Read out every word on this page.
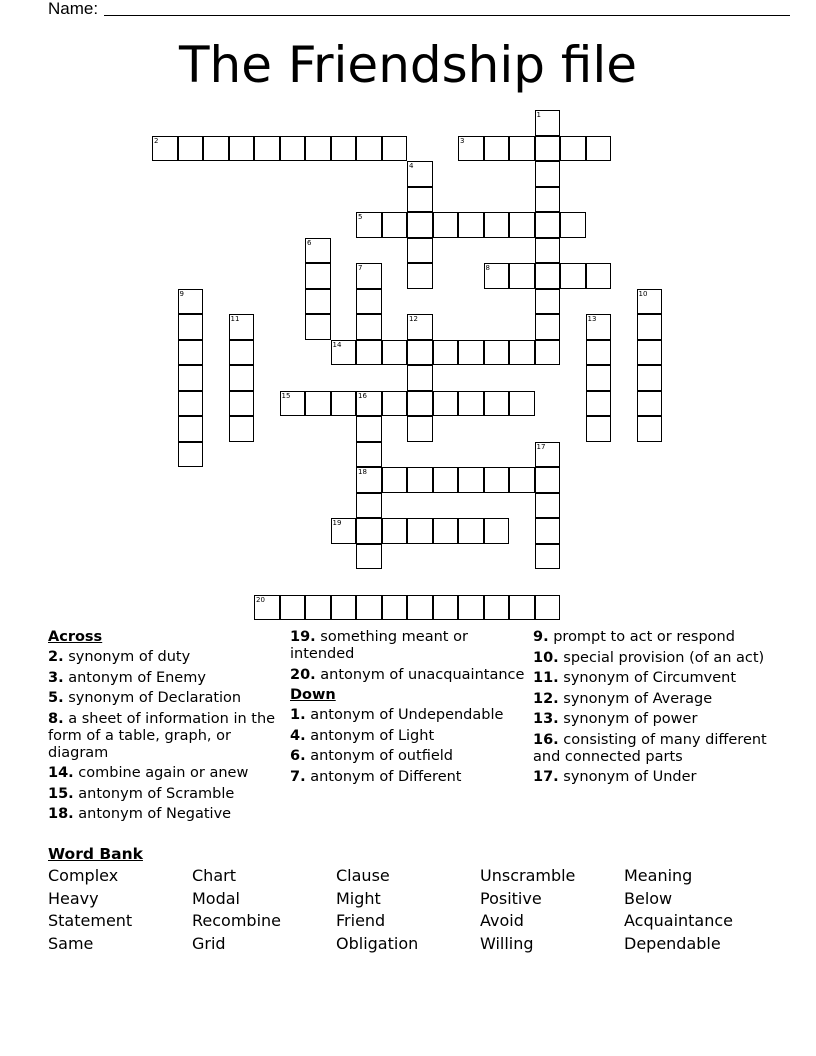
Name:
The Friendship file
2	3
5
8
14
15	16
18
19
20
1
4
6
7
9	10
11	12	13
17
Across
2. synonym of duty
3. antonym of Enemy
5. synonym of Declaration
8. a sheet of information in the form of a table, graph, or diagram
14. combine again or anew
15. antonym of Scramble
18. antonym of Negative
19. something meant or intended
20. antonym of unacquaintance
Down
1. antonym of Undependable
4. antonym of Light
6. antonym of outfield
7. antonym of Different
9. prompt to act or respond
10. special provision (of an act)
11. synonym of Circumvent
12. synonym of Average
13. synonym of power
16. consisting of many different and connected parts
17. synonym of Under
Word Bank
Complex	Chart	Clause	Unscramble	Meaning
Heavy	Modal	Might	Positive	Below
Statement	Recombine	Friend	Avoid	Acquaintance
Same	Grid	Obligation	Willing	Dependable
